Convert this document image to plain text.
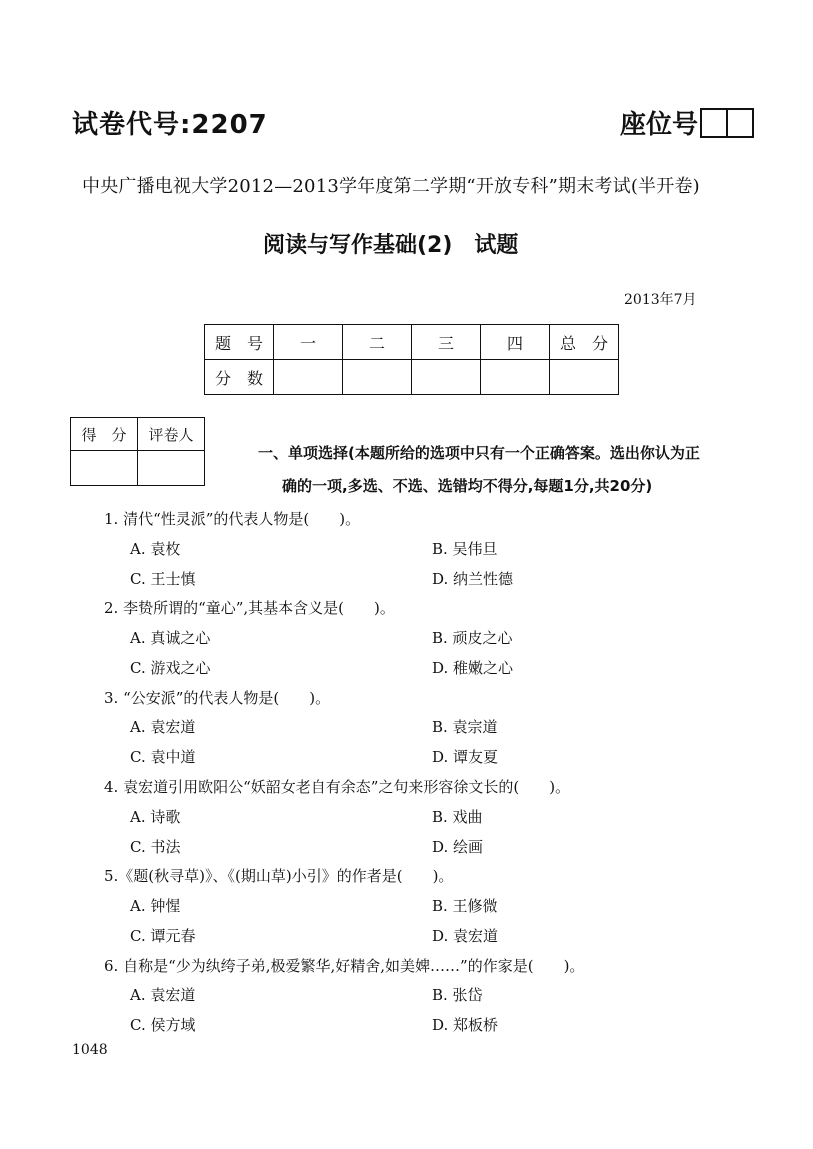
试卷代号:2207	座位号
中央广播电视大学2012—2013学年度第二学期“开放专科”期末考试(半开卷)
阅读与写作基础(2)　试题
2013年7月
题　号	一	二	三	四	总　分
分　数					
得　分	评卷人

一、单项选择(本题所给的选项中只有一个正确答案。选出你认为正
确的一项,多选、不选、选错均不得分,每题1分,共20分)
1. 清代“性灵派”的代表人物是(　　)。
A. 袁枚	B. 吴伟旦
C. 王士慎	D. 纳兰性德
2. 李贽所谓的“童心”,其基本含义是(　　)。
A. 真诚之心	B. 顽皮之心
C. 游戏之心	D. 稚嫩之心
3. “公安派”的代表人物是(　　)。
A. 袁宏道	B. 袁宗道
C. 袁中道	D. 谭友夏
4. 袁宏道引用欧阳公“妖韶女老自有余态”之句来形容徐文长的(　　)。
A. 诗歌	B. 戏曲
C. 书法	D. 绘画
5.《题(秋寻草)》、《(期山草)小引》的作者是(　　)。
A. 钟惺	B. 王修微
C. 谭元春	D. 袁宏道
6. 自称是“少为纨绔子弟,极爱繁华,好精舍,如美婢……”的作家是(　　)。
A. 袁宏道	B. 张岱
C. 侯方域	D. 郑板桥
1048
